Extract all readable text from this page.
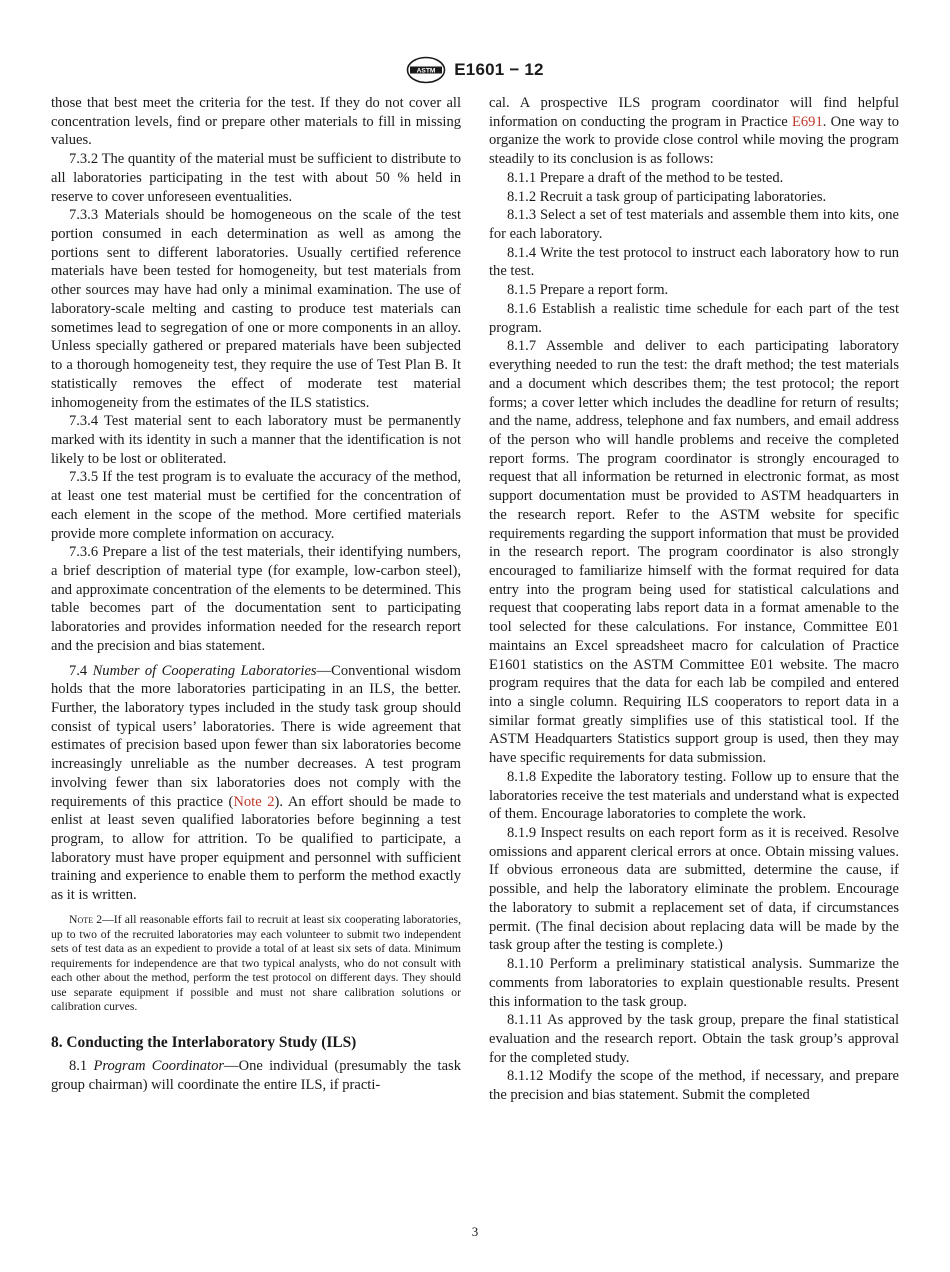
ASTM E1601 − 12

those that best meet the criteria for the test. If they do not cover all concentration levels, find or prepare other materials to fill in missing values.

7.3.2 The quantity of the material must be sufficient to distribute to all laboratories participating in the test with about 50 % held in reserve to cover unforeseen eventualities.

7.3.3 Materials should be homogeneous on the scale of the test portion consumed in each determination as well as among the portions sent to different laboratories. Usually certified reference materials have been tested for homogeneity, but test materials from other sources may have had only a minimal examination. The use of laboratory-scale melting and casting to produce test materials can sometimes lead to segregation of one or more components in an alloy. Unless specially gathered or prepared materials have been subjected to a thorough homogeneity test, they require the use of Test Plan B. It statistically removes the effect of moderate test material inhomogeneity from the estimates of the ILS statistics.

7.3.4 Test material sent to each laboratory must be permanently marked with its identity in such a manner that the identification is not likely to be lost or obliterated.

7.3.5 If the test program is to evaluate the accuracy of the method, at least one test material must be certified for the concentration of each element in the scope of the method. More certified materials provide more complete information on accuracy.

7.3.6 Prepare a list of the test materials, their identifying numbers, a brief description of material type (for example, low-carbon steel), and approximate concentration of the elements to be determined. This table becomes part of the documentation sent to participating laboratories and provides information needed for the research report and the precision and bias statement.

7.4 Number of Cooperating Laboratories—Conventional wisdom holds that the more laboratories participating in an ILS, the better. Further, the laboratory types included in the study task group should consist of typical users’ laboratories. There is wide agreement that estimates of precision based upon fewer than six laboratories become increasingly unreliable as the number decreases. A test program involving fewer than six laboratories does not comply with the requirements of this practice (Note 2). An effort should be made to enlist at least seven qualified laboratories before beginning a test program, to allow for attrition. To be qualified to participate, a laboratory must have proper equipment and personnel with sufficient training and experience to enable them to perform the method exactly as it is written.

Note 2—If all reasonable efforts fail to recruit at least six cooperating laboratories, up to two of the recruited laboratories may each volunteer to submit two independent sets of test data as an expedient to provide a total of at least six sets of data. Minimum requirements for independence are that two typical analysts, who do not consult with each other about the method, perform the test protocol on different days. They should use separate equipment if possible and must not share calibration solutions or calibration curves.

8. Conducting the Interlaboratory Study (ILS)

8.1 Program Coordinator—One individual (presumably the task group chairman) will coordinate the entire ILS, if practi-

cal. A prospective ILS program coordinator will find helpful information on conducting the program in Practice E691. One way to organize the work to provide close control while moving the program steadily to its conclusion is as follows:

8.1.1 Prepare a draft of the method to be tested.

8.1.2 Recruit a task group of participating laboratories.

8.1.3 Select a set of test materials and assemble them into kits, one for each laboratory.

8.1.4 Write the test protocol to instruct each laboratory how to run the test.

8.1.5 Prepare a report form.

8.1.6 Establish a realistic time schedule for each part of the test program.

8.1.7 Assemble and deliver to each participating laboratory everything needed to run the test: the draft method; the test materials and a document which describes them; the test protocol; the report forms; a cover letter which includes the deadline for return of results; and the name, address, telephone and fax numbers, and email address of the person who will handle problems and receive the completed report forms. The program coordinator is strongly encouraged to request that all information be returned in electronic format, as most support documentation must be provided to ASTM headquarters in the research report. Refer to the ASTM website for specific requirements regarding the support information that must be provided in the research report. The program coordinator is also strongly encouraged to familiarize himself with the format required for data entry into the program being used for statistical calculations and request that cooperating labs report data in a format amenable to the tool selected for these calculations. For instance, Committee E01 maintains an Excel spreadsheet macro for calculation of Practice E1601 statistics on the ASTM Committee E01 website. The macro program requires that the data for each lab be compiled and entered into a single column. Requiring ILS cooperators to report data in a similar format greatly simplifies use of this statistical tool. If the ASTM Headquarters Statistics support group is used, then they may have specific requirements for data submission.

8.1.8 Expedite the laboratory testing. Follow up to ensure that the laboratories receive the test materials and understand what is expected of them. Encourage laboratories to complete the work.

8.1.9 Inspect results on each report form as it is received. Resolve omissions and apparent clerical errors at once. Obtain missing values. If obvious erroneous data are submitted, determine the cause, if possible, and help the laboratory eliminate the problem. Encourage the laboratory to submit a replacement set of data, if circumstances permit. (The final decision about replacing data will be made by the task group after the testing is complete.)

8.1.10 Perform a preliminary statistical analysis. Summarize the comments from laboratories to explain questionable results. Present this information to the task group.

8.1.11 As approved by the task group, prepare the final statistical evaluation and the research report. Obtain the task group’s approval for the completed study.

8.1.12 Modify the scope of the method, if necessary, and prepare the precision and bias statement. Submit the completed

3
